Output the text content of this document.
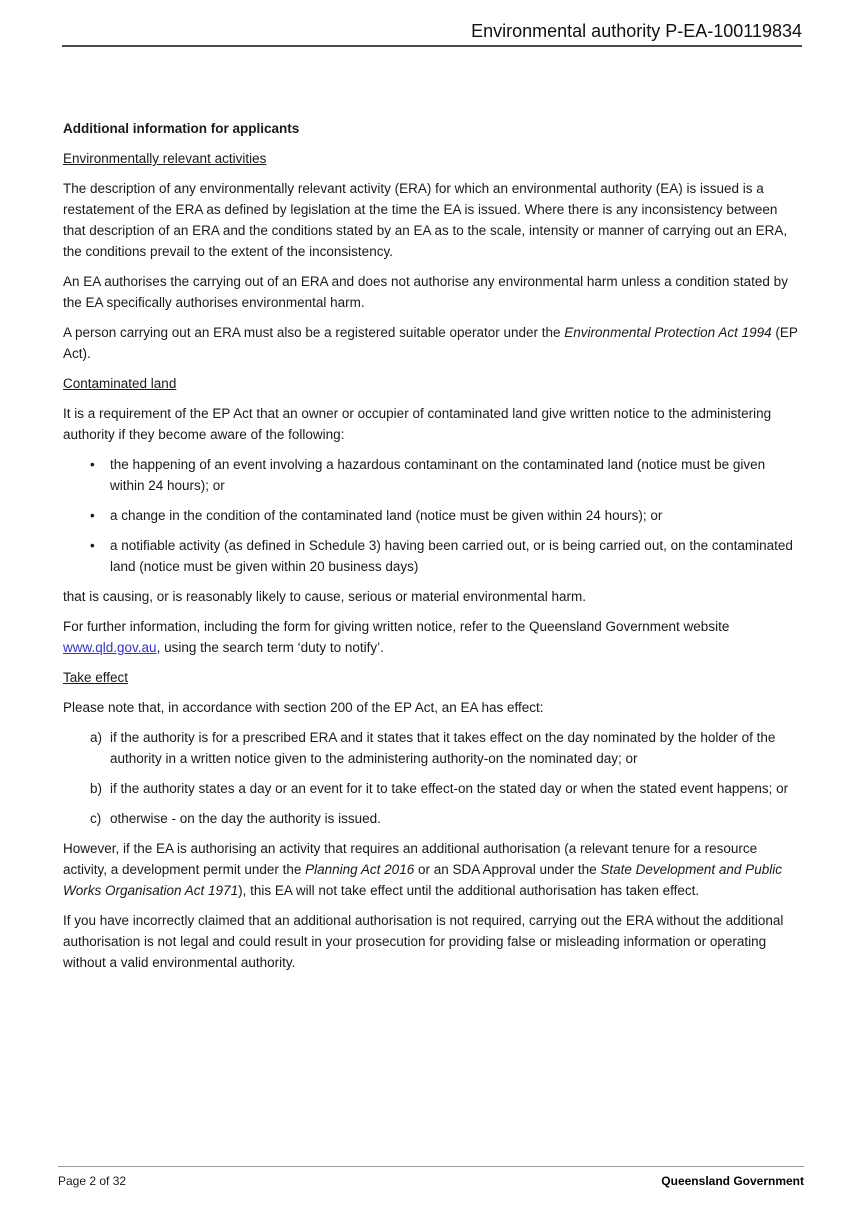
Environmental authority P-EA-100119834
Additional information for applicants
Environmentally relevant activities

The description of any environmentally relevant activity (ERA) for which an environmental authority (EA) is issued is a restatement of the ERA as defined by legislation at the time the EA is issued. Where there is any inconsistency between that description of an ERA and the conditions stated by an EA as to the scale, intensity or manner of carrying out an ERA, the conditions prevail to the extent of the inconsistency.

An EA authorises the carrying out of an ERA and does not authorise any environmental harm unless a condition stated by the EA specifically authorises environmental harm.

A person carrying out an ERA must also be a registered suitable operator under the Environmental Protection Act 1994 (EP Act).

Contaminated land

It is a requirement of the EP Act that an owner or occupier of contaminated land give written notice to the administering authority if they become aware of the following:

•	the happening of an event involving a hazardous contaminant on the contaminated land (notice must be given within 24 hours); or
•	a change in the condition of the contaminated land (notice must be given within 24 hours); or
•	a notifiable activity (as defined in Schedule 3) having been carried out, or is being carried out, on the contaminated land (notice must be given within 20 business days)

that is causing, or is reasonably likely to cause, serious or material environmental harm.

For further information, including the form for giving written notice, refer to the Queensland Government website www.qld.gov.au, using the search term ‘duty to notify’.

Take effect

Please note that, in accordance with section 200 of the EP Act, an EA has effect:

a) if the authority is for a prescribed ERA and it states that it takes effect on the day nominated by the holder of the authority in a written notice given to the administering authority-on the nominated day; or
b) if the authority states a day or an event for it to take effect-on the stated day or when the stated event happens; or
c) otherwise - on the day the authority is issued.

However, if the EA is authorising an activity that requires an additional authorisation (a relevant tenure for a resource activity, a development permit under the Planning Act 2016 or an SDA Approval under the State Development and Public Works Organisation Act 1971), this EA will not take effect until the additional authorisation has taken effect.

If you have incorrectly claimed that an additional authorisation is not required, carrying out the ERA without the additional authorisation is not legal and could result in your prosecution for providing false or misleading information or operating without a valid environmental authority.

Page 2 of 32	Queensland Government
